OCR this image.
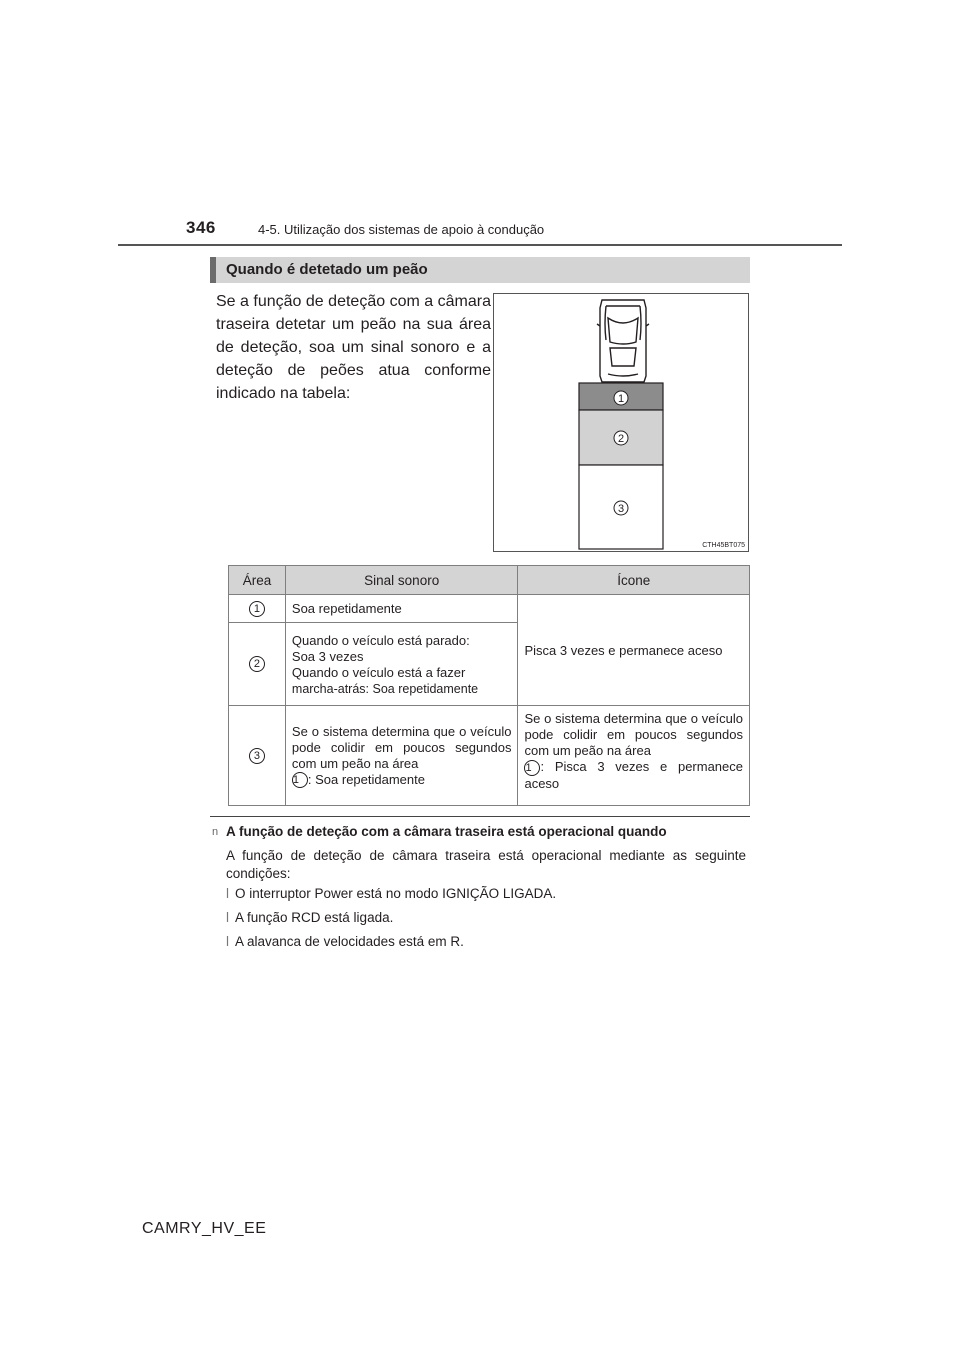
346	4-5. Utilização dos sistemas de apoio à condução
Quando é detetado um peão
Se a função de deteção com a câmara traseira detetar um peão na sua área de deteção, soa um sinal sonoro e a deteção de peões atua conforme indicado na tabela:	1
2
3
CTH45BT075
Área	Sinal sonoro	Ícone
1	Soa repetidamente	Pisca 3 vezes e permanece aceso

2	Quando o veículo está parado:
Soa 3 vezes
Quando o veículo está a fazer
marcha-atrás: Soa repetidamente	

3	Se o sistema determina que o veículo pode colidir em poucos segundos com um peão na área
1 : Soa repetidamente	Se o sistema determina que o veículo pode colidir em poucos segundos com um peão na área
1 : Pisca 3 vezes e permanece aceso
n A função de deteção com a câmara traseira está operacional quando
A função de deteção de câmara traseira está operacional mediante as seguinte condições:
l O interruptor Power está no modo IGNIÇÃO LIGADA.
l A função RCD está ligada.
l A alavanca de velocidades está em R.
CAMRY_HV_EE
